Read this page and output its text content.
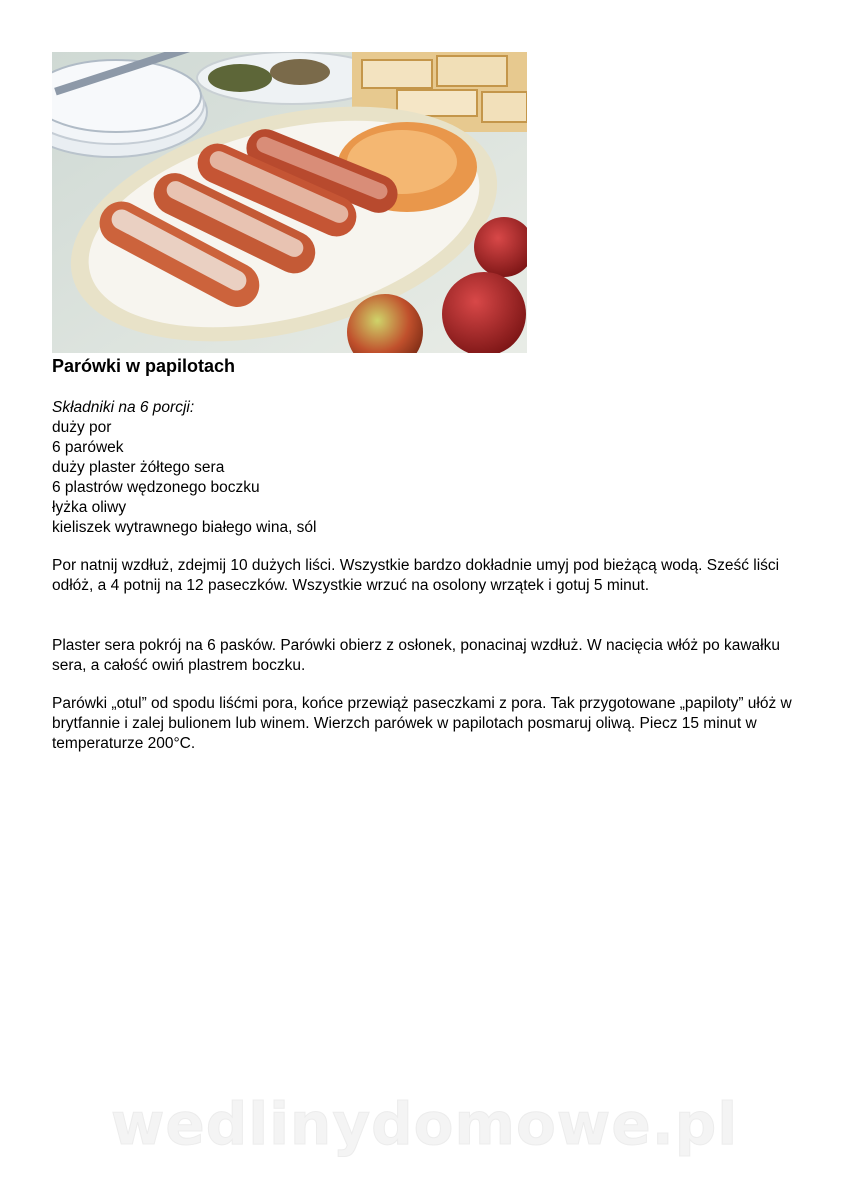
Parówki w papilotach
Składniki na 6 porcji:
duży por
6 parówek
duży plaster żółtego sera
6 plastrów wędzonego boczku
łyżka oliwy
kieliszek wytrawnego białego wina, sól
Por natnij wzdłuż, zdejmij 10 dużych liści. Wszystkie bardzo dokładnie umyj pod bieżącą wodą. Sześć liści odłóż, a 4 potnij na 12 paseczków. Wszystkie wrzuć na osolony wrzątek i gotuj 5 minut.
Plaster sera pokrój na 6 pasków. Parówki obierz z osłonek, ponacinaj wzdłuż. W nacięcia włóż po kawałku sera, a całość owiń plastrem boczku.
Parówki „otul” od spodu liśćmi pora, końce przewiąż paseczkami z pora. Tak przygotowane „papiloty” ułóż w brytfannie i zalej bulionem lub winem. Wierzch parówek w papilotach posmaruj oliwą. Piecz 15 minut w temperaturze 200°C.
wedlinydomowe.pl
